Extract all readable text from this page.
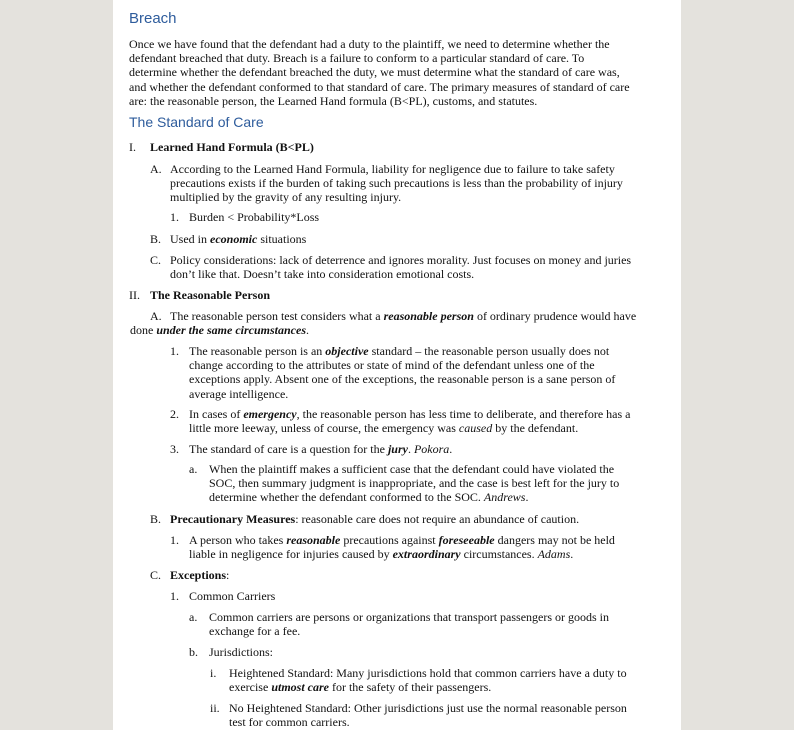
Breach
Once we have found that the defendant had a duty to the plaintiff, we need to determine whether the
defendant breached that duty. Breach is a failure to conform to a particular standard of care. To
determine whether the defendant breached the duty, we must determine what the standard of care was,
and whether the defendant conformed to that standard of care. The primary measures of standard of care
are: the reasonable person, the Learned Hand formula (B<PL), customs, and statutes.
The Standard of Care
I. Learned Hand Formula (B<PL)
A. According to the Learned Hand Formula, liability for negligence due to failure to take safety
precautions exists if the burden of taking such precautions is less than the probability of injury
multiplied by the gravity of any resulting injury.
1. Burden < Probability*Loss
B. Used in economic situations
C. Policy considerations: lack of deterrence and ignores morality. Just focuses on money and juries
don’t like that. Doesn’t take into consideration emotional costs.
II. The Reasonable Person
A. The reasonable person test considers what a reasonable person of ordinary prudence would have
done under the same circumstances.
1. The reasonable person is an objective standard – the reasonable person usually does not
change according to the attributes or state of mind of the defendant unless one of the
exceptions apply. Absent one of the exceptions, the reasonable person is a sane person of
average intelligence.
2. In cases of emergency, the reasonable person has less time to deliberate, and therefore has a
little more leeway, unless of course, the emergency was caused by the defendant.
3. The standard of care is a question for the jury. Pokora.
a. When the plaintiff makes a sufficient case that the defendant could have violated the
SOC, then summary judgment is inappropriate, and the case is best left for the jury to
determine whether the defendant conformed to the SOC. Andrews.
B. Precautionary Measures: reasonable care does not require an abundance of caution.
1. A person who takes reasonable precautions against foreseeable dangers may not be held
liable in negligence for injuries caused by extraordinary circumstances. Adams.
C. Exceptions:
1. Common Carriers
a. Common carriers are persons or organizations that transport passengers or goods in
exchange for a fee.
b. Jurisdictions:
i. Heightened Standard: Many jurisdictions hold that common carriers have a duty to
exercise utmost care for the safety of their passengers.
ii. No Heightened Standard: Other jurisdictions just use the normal reasonable person
test for common carriers.
